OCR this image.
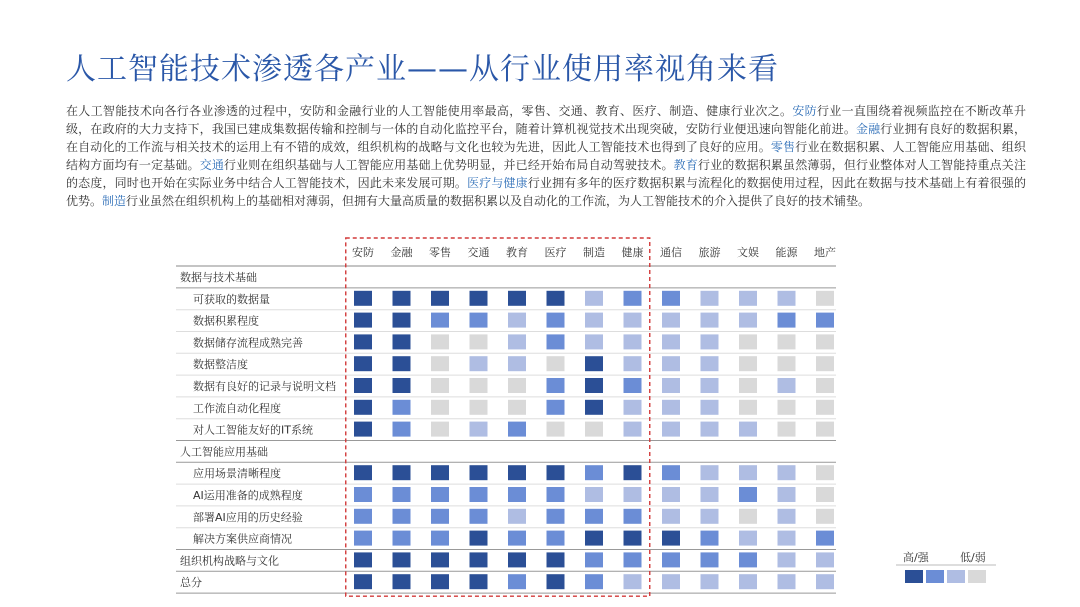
人工智能技术渗透各产业——从行业使用率视角来看
在人工智能技术向各行各业渗透的过程中，安防和金融行业的人工智能使用率最高，零售、交通、教育、医疗、制造、健康行业次之。安防行业一直围绕着视频监控在不断改革升级，在政府的大力支持下，我国已建成集数据传输和控制与一体的自动化监控平台，随着计算机视觉技术出现突破，安防行业便迅速向智能化前进。金融行业拥有良好的数据积累，在自动化的工作流与相关技术的运用上有不错的成效，组织机构的战略与文化也较为先进，因此人工智能技术也得到了良好的应用。零售行业在数据积累、人工智能应用基础、组织结构方面均有一定基础。交通行业则在组织基础与人工智能应用基础上优势明显，并已经开始布局自动驾驶技术。教育行业的数据积累虽然薄弱，但行业整体对人工智能持重点关注的态度，同时也开始在实际业务中结合人工智能技术，因此未来发展可期。医疗与健康行业拥有多年的医疗数据积累与流程化的数据使用过程，因此在数据与技术基础上有着很强的优势。制造行业虽然在组织机构上的基础相对薄弱，但拥有大量高质量的数据积累以及自动化的工作流，为人工智能技术的介入提供了良好的技术铺垫。
安防 金融 零售 交通 教育 医疗 制造 健康 通信 旅游 文娱 能源 地产
数据与技术基础
可获取的数据量
数据积累程度
数据储存流程成熟完善
数据整洁度
数据有良好的记录与说明文档
工作流自动化程度
对人工智能友好的IT系统
人工智能应用基础
应用场景清晰程度
AI运用准备的成熟程度
部署AI应用的历史经验
解决方案供应商情况
组织机构战略与文化
总分
高/强	低/弱
